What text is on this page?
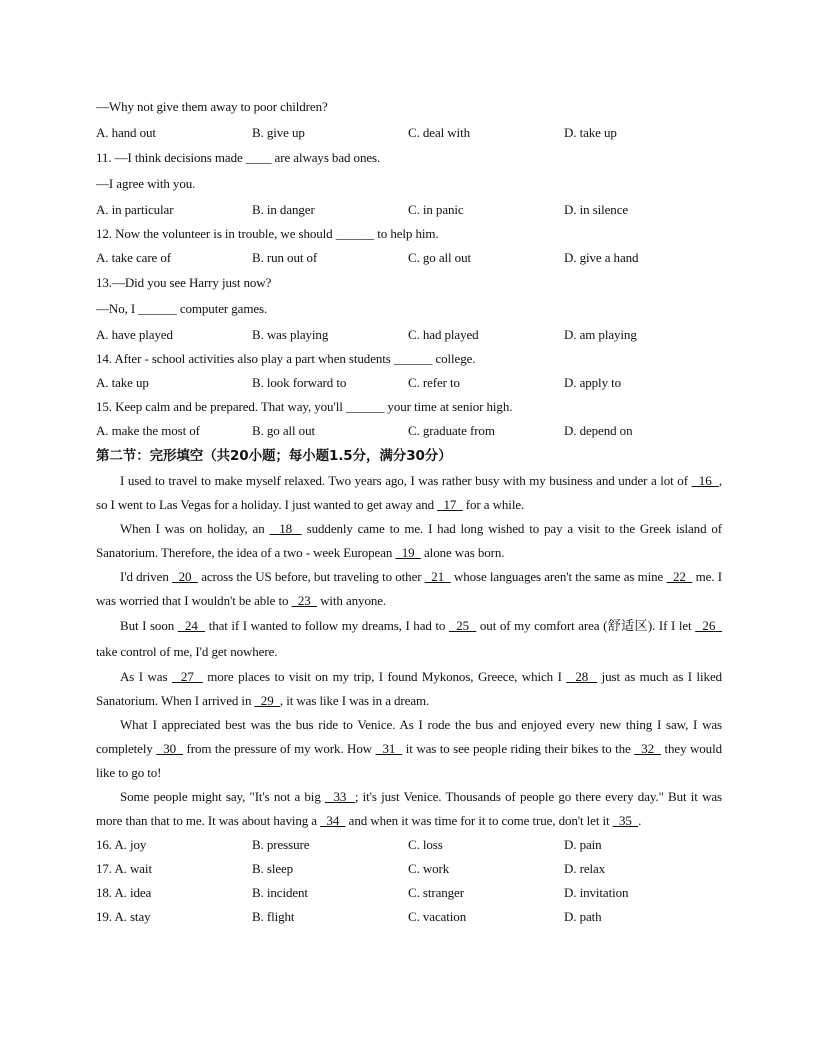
—Why not give them away to poor children?
A. hand out	B. give up	C. deal with	D. take up
11. —I think decisions made ____ are always bad ones.
—I agree with you.
A. in particular	B. in danger	C. in panic	D. in silence
12. Now the volunteer is in trouble, we should ______ to help him.
A. take care of	B. run out of	C. go all out	D. give a hand
13.—Did you see Harry just now?
—No, I ______ computer games.
A. have played	B. was playing	C. had played	D. am playing
14. After - school activities also play a part when students ______ college.
A. take up	B. look forward to	C. refer to	D. apply to
15. Keep calm and be prepared. That way, you'll ______ your time at senior high.
A. make the most of	B. go all out	C. graduate from	D. depend on
第二节：完形填空（共20小题；每小题1.5分，满分30分）

I used to travel to make myself relaxed. Two years ago, I was rather busy with my business and under a lot of   16  , so I went to Las Vegas for a holiday. I just wanted to get away and   17   for a while.

When I was on holiday, an   18   suddenly came to me. I had long wished to pay a visit to the Greek island of Sanatorium. Therefore, the idea of a two - week European   19   alone was born.

I'd driven   20   across the US before, but traveling to other   21   whose languages aren't the same as mine   22   me. I was worried that I wouldn't be able to   23   with anyone.

But I soon   24   that if I wanted to follow my dreams, I had to   25   out of my comfort area (舒适区). If I let   26   take control of me, I'd get nowhere.

As I was   27   more places to visit on my trip, I found Mykonos, Greece, which I   28   just as much as I liked Sanatorium. When I arrived in   29  , it was like I was in a dream.

What I appreciated best was the bus ride to Venice. As I rode the bus and enjoyed every new thing I saw, I was completely   30   from the pressure of my work. How   31   it was to see people riding their bikes to the   32   they would like to go to!

Some people might say, "It's not a big   33  ; it's just Venice. Thousands of people go there every day." But it was more than that to me. It was about having a   34   and when it was time for it to come true, don't let it   35  .

16. A. joy	B. pressure	C. loss	D. pain
17. A. wait	B. sleep	C. work	D. relax
18. A. idea	B. incident	C. stranger	D. invitation
19. A. stay	B. flight	C. vacation	D. path
